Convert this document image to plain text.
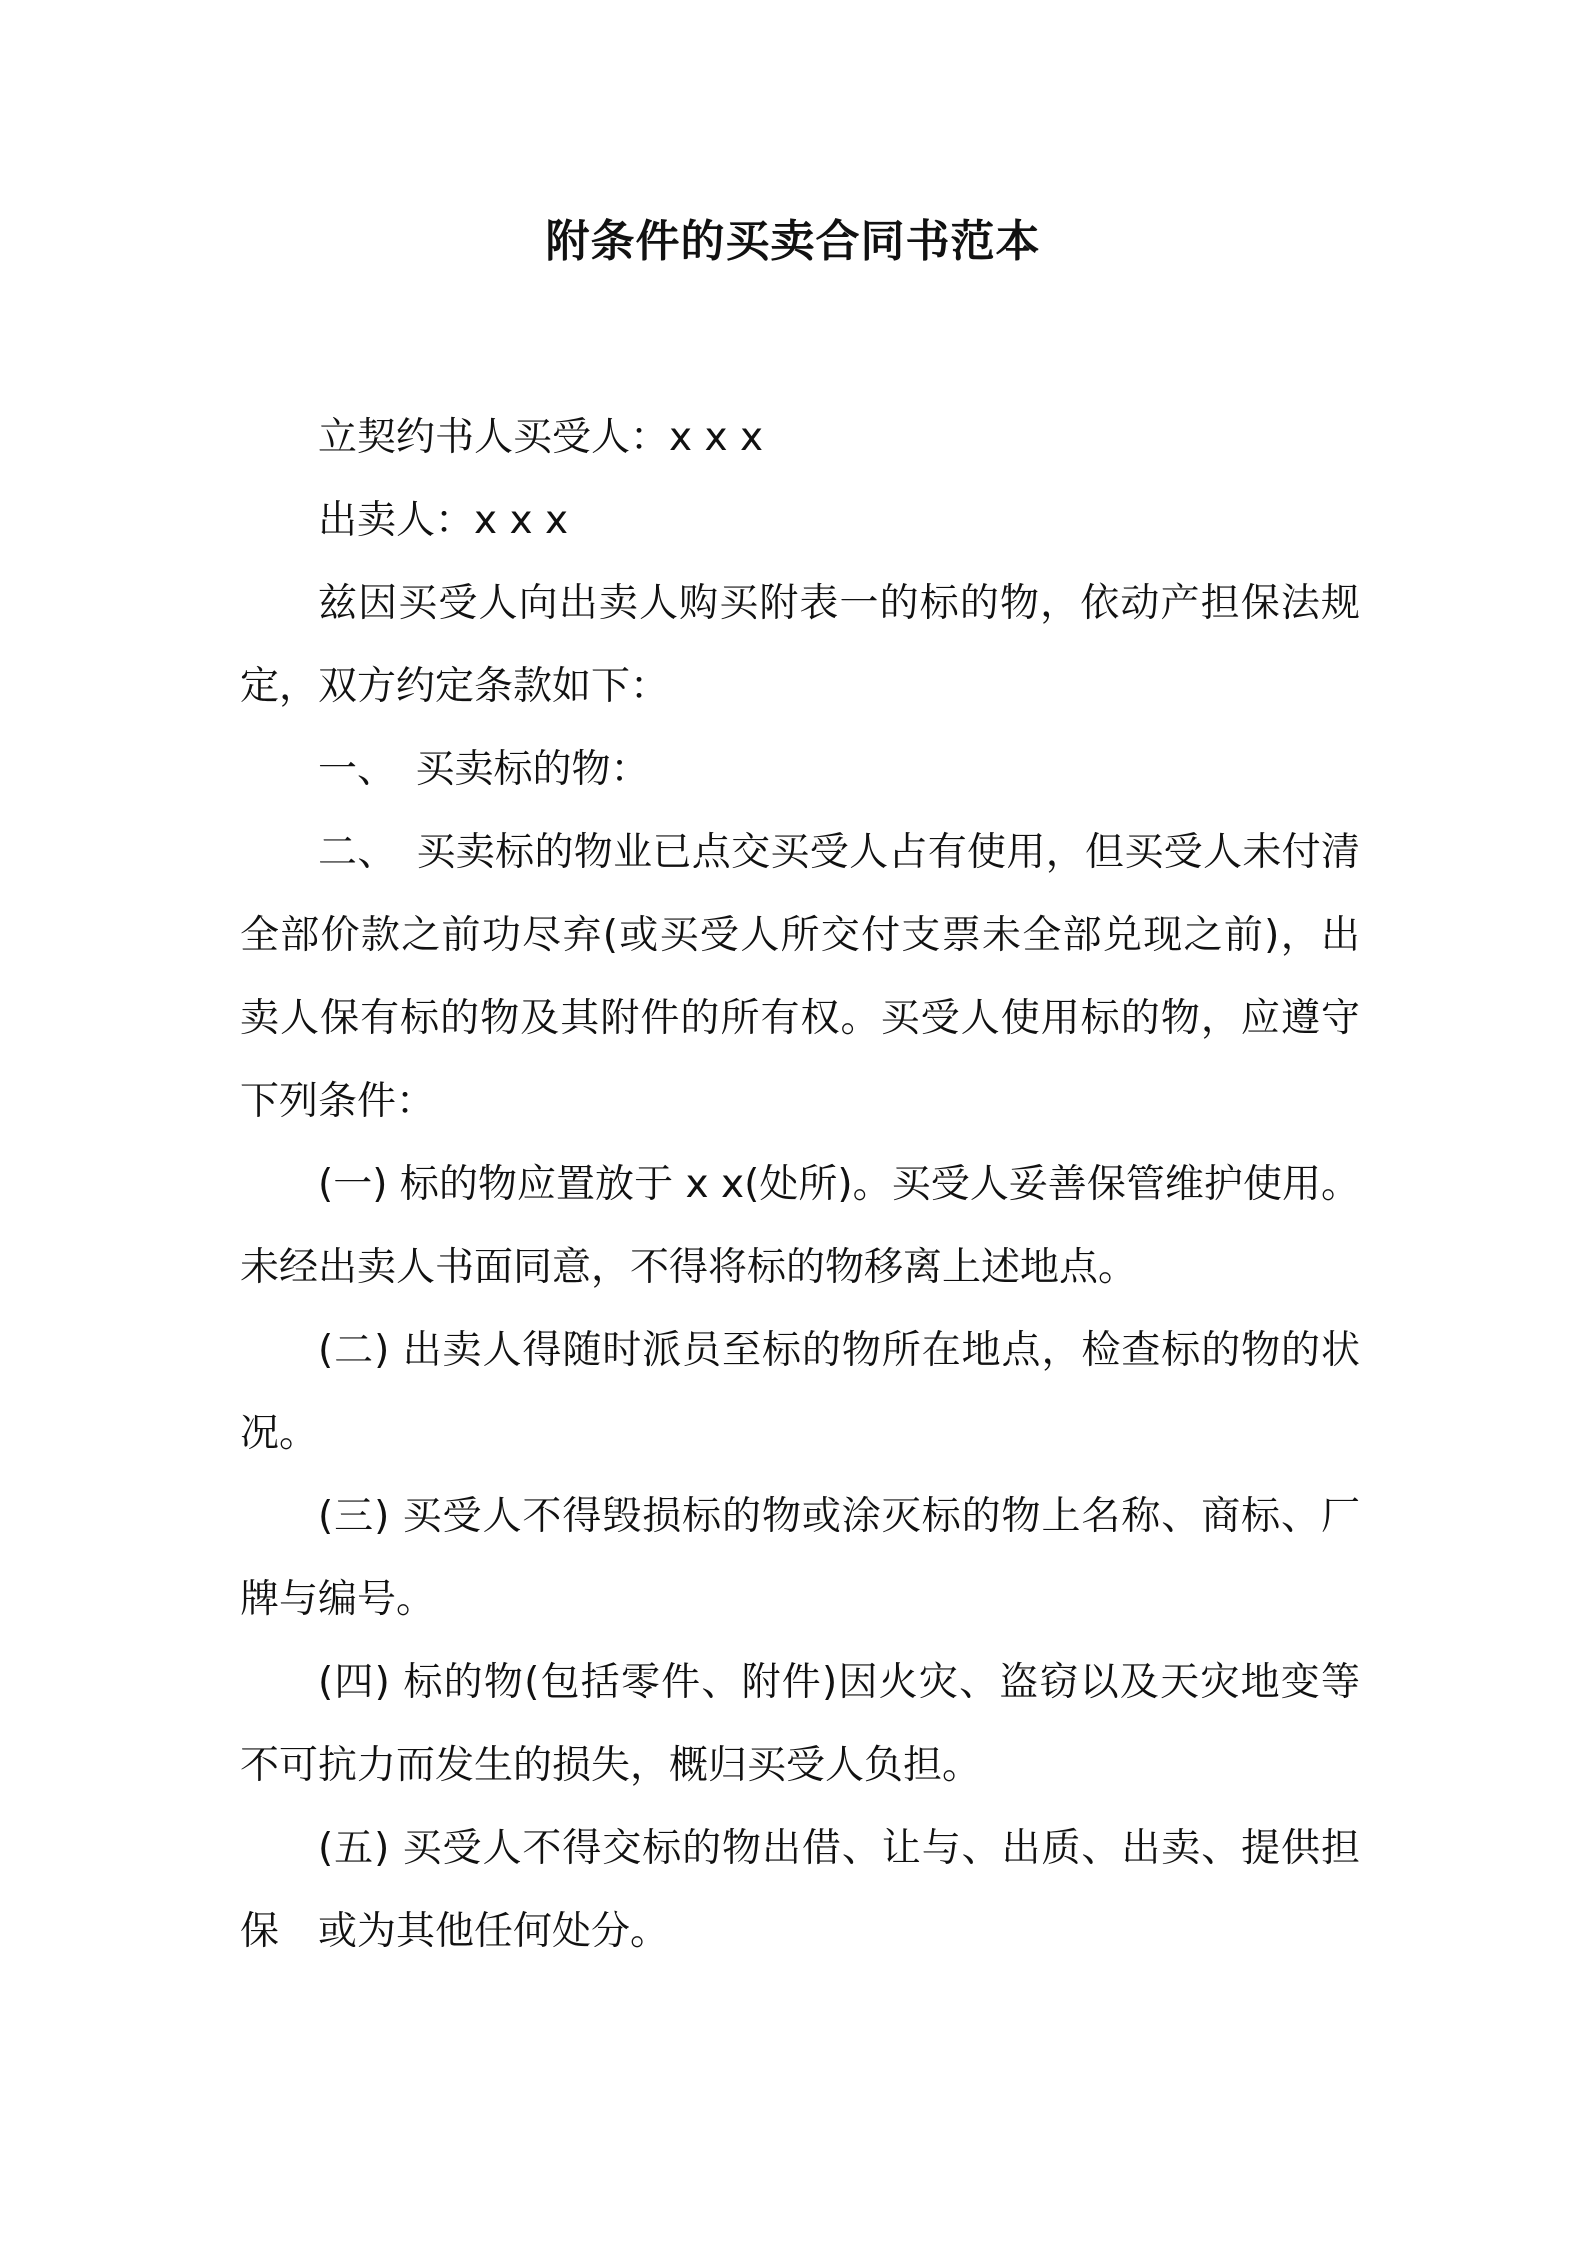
附条件的买卖合同书范本

立契约书人买受人：x x x

出卖人：x x x

兹因买受人向出卖人购买附表一的标的物，依动产担保法规定，双方约定条款如下：

一、　买卖标的物：

二、　买卖标的物业已点交买受人占有使用，但买受人未付清全部价款之前功尽弃(或买受人所交付支票未全部兑现之前)，出卖人保有标的物及其附件的所有权。买受人使用标的物，应遵守下列条件：

(一) 标的物应置放于 x x(处所)。买受人妥善保管维护使用。未经出卖人书面同意，不得将标的物移离上述地点。

(二) 出卖人得随时派员至标的物所在地点，检查标的物的状况。

(三) 买受人不得毁损标的物或涂灭标的物上名称、商标、厂牌与编号。

(四) 标的物(包括零件、附件)因火灾、盗窃以及天灾地变等不可抗力而发生的损失，概归买受人负担。

(五) 买受人不得交标的物出借、让与、出质、出卖、提供担保　或为其他任何处分。
